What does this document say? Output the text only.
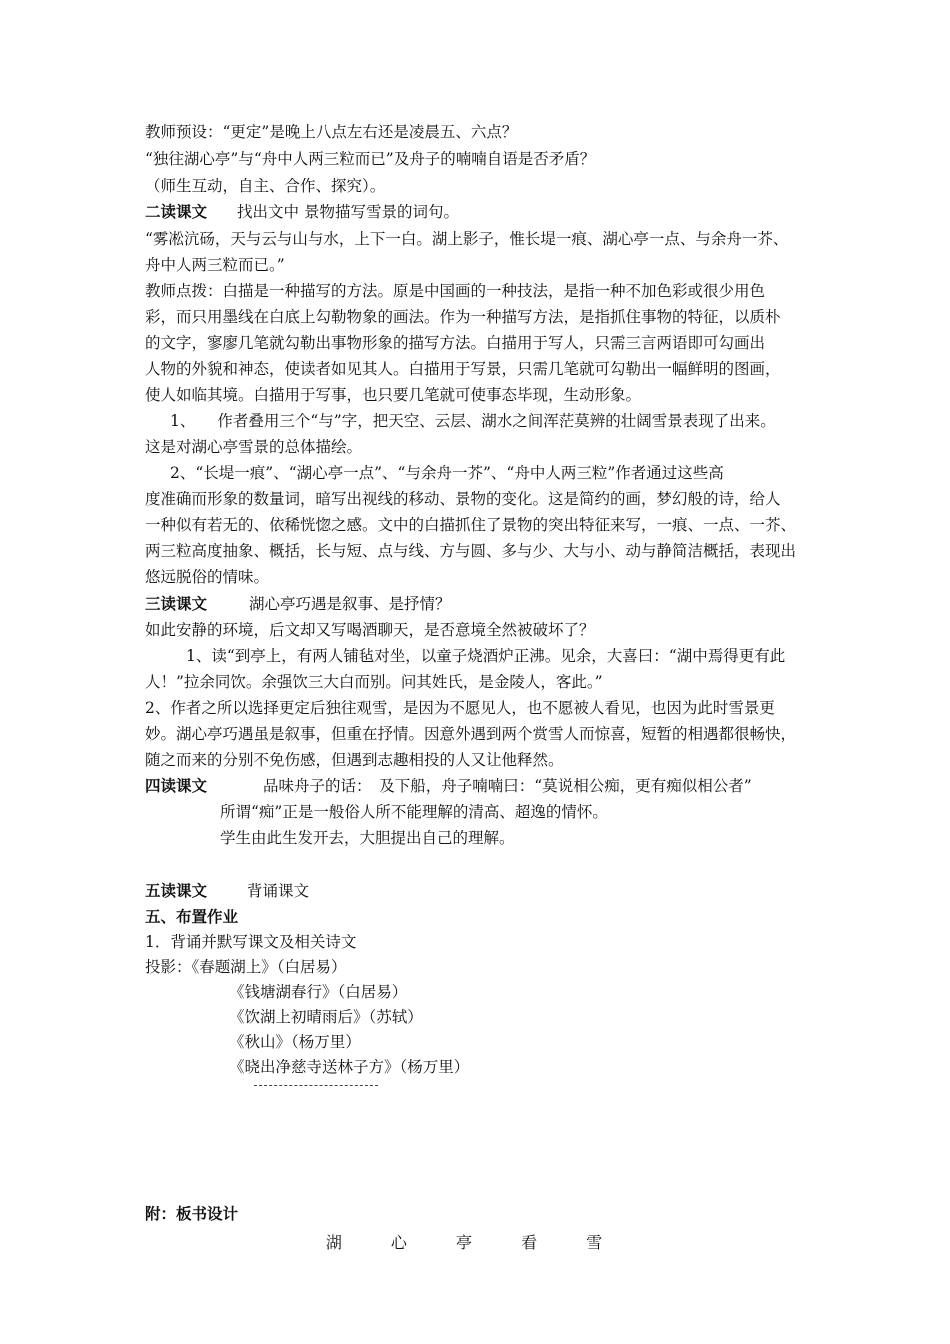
教师预设：“更定”是晚上八点左右还是凌晨五、六点？
“独往湖心亭”与“舟中人两三粒而已”及舟子的喃喃自语是否矛盾？
（师生互动，自主、合作、探究）。
二读课文 找出文中 景物描写雪景的词句。
“雾凇沆砀，天与云与山与水，上下一白。湖上影子，惟长堤一痕、湖心亭一点、与余舟一芥、
舟中人两三粒而已。”
教师点拨：白描是一种描写的方法。原是中国画的一种技法，是指一种不加色彩或很少用色
彩，而只用墨线在白底上勾勒物象的画法。作为一种描写方法，是指抓住事物的特征，以质朴
的文字，寥廖几笔就勾勒出事物形象的描写方法。白描用于写人，只需三言两语即可勾画出
人物的外貌和神态，使读者如见其人。白描用于写景，只需几笔就可勾勒出一幅鲜明的图画，
使人如临其境。白描用于写事，也只要几笔就可使事态毕现，生动形象。
1、 作者叠用三个“与”字，把天空、云层、湖水之间浑茫莫辨的壮阔雪景表现了出来。
这是对湖心亭雪景的总体描绘。
2、“长堤一痕”、“湖心亭一点”、“与余舟一芥”、“舟中人两三粒”作者通过这些高
度准确而形象的数量词，暗写出视线的移动、景物的变化。这是简约的画，梦幻般的诗，给人
一种似有若无的、依稀恍惚之感。文中的白描抓住了景物的突出特征来写，一痕、一点、一芥、
两三粒高度抽象、概括，长与短、点与线、方与圆、多与少、大与小、动与静简洁概括，表现出
悠远脱俗的情味。
三读课文	湖心亭巧遇是叙事、是抒情？
如此安静的环境，后文却又写喝酒聊天，是否意境全然被破坏了？
1、读“到亭上，有两人铺毡对坐，以童子烧酒炉正沸。见余，大喜曰：“湖中焉得更有此
人！”拉余同饮。余强饮三大白而别。问其姓氏，是金陵人，客此。”
2、作者之所以选择更定后独往观雪，是因为不愿见人，也不愿被人看见，也因为此时雪景更
妙。湖心亭巧遇虽是叙事，但重在抒情。因意外遇到两个赏雪人而惊喜，短暂的相遇都很畅快，
随之而来的分别不免伤感，但遇到志趣相投的人又让他释然。
四读课文	品味舟子的话：　及下船，舟子喃喃曰：“莫说相公痴，更有痴似相公者”
所谓“痴”正是一般俗人所不能理解的清高、超逸的情怀。
学生由此生发开去，大胆提出自己的理解。
五读课文	背诵课文
五、布置作业
1．背诵并默写课文及相关诗文
投影：《春题湖上》（白居易）
《钱塘湖春行》（白居易）
《饮湖上初晴雨后》（苏轼）
《秋山》（杨万里）
《晓出净慈寺送林子方》（杨万里）
附：板书设计
湖 心 亭 看 雪
